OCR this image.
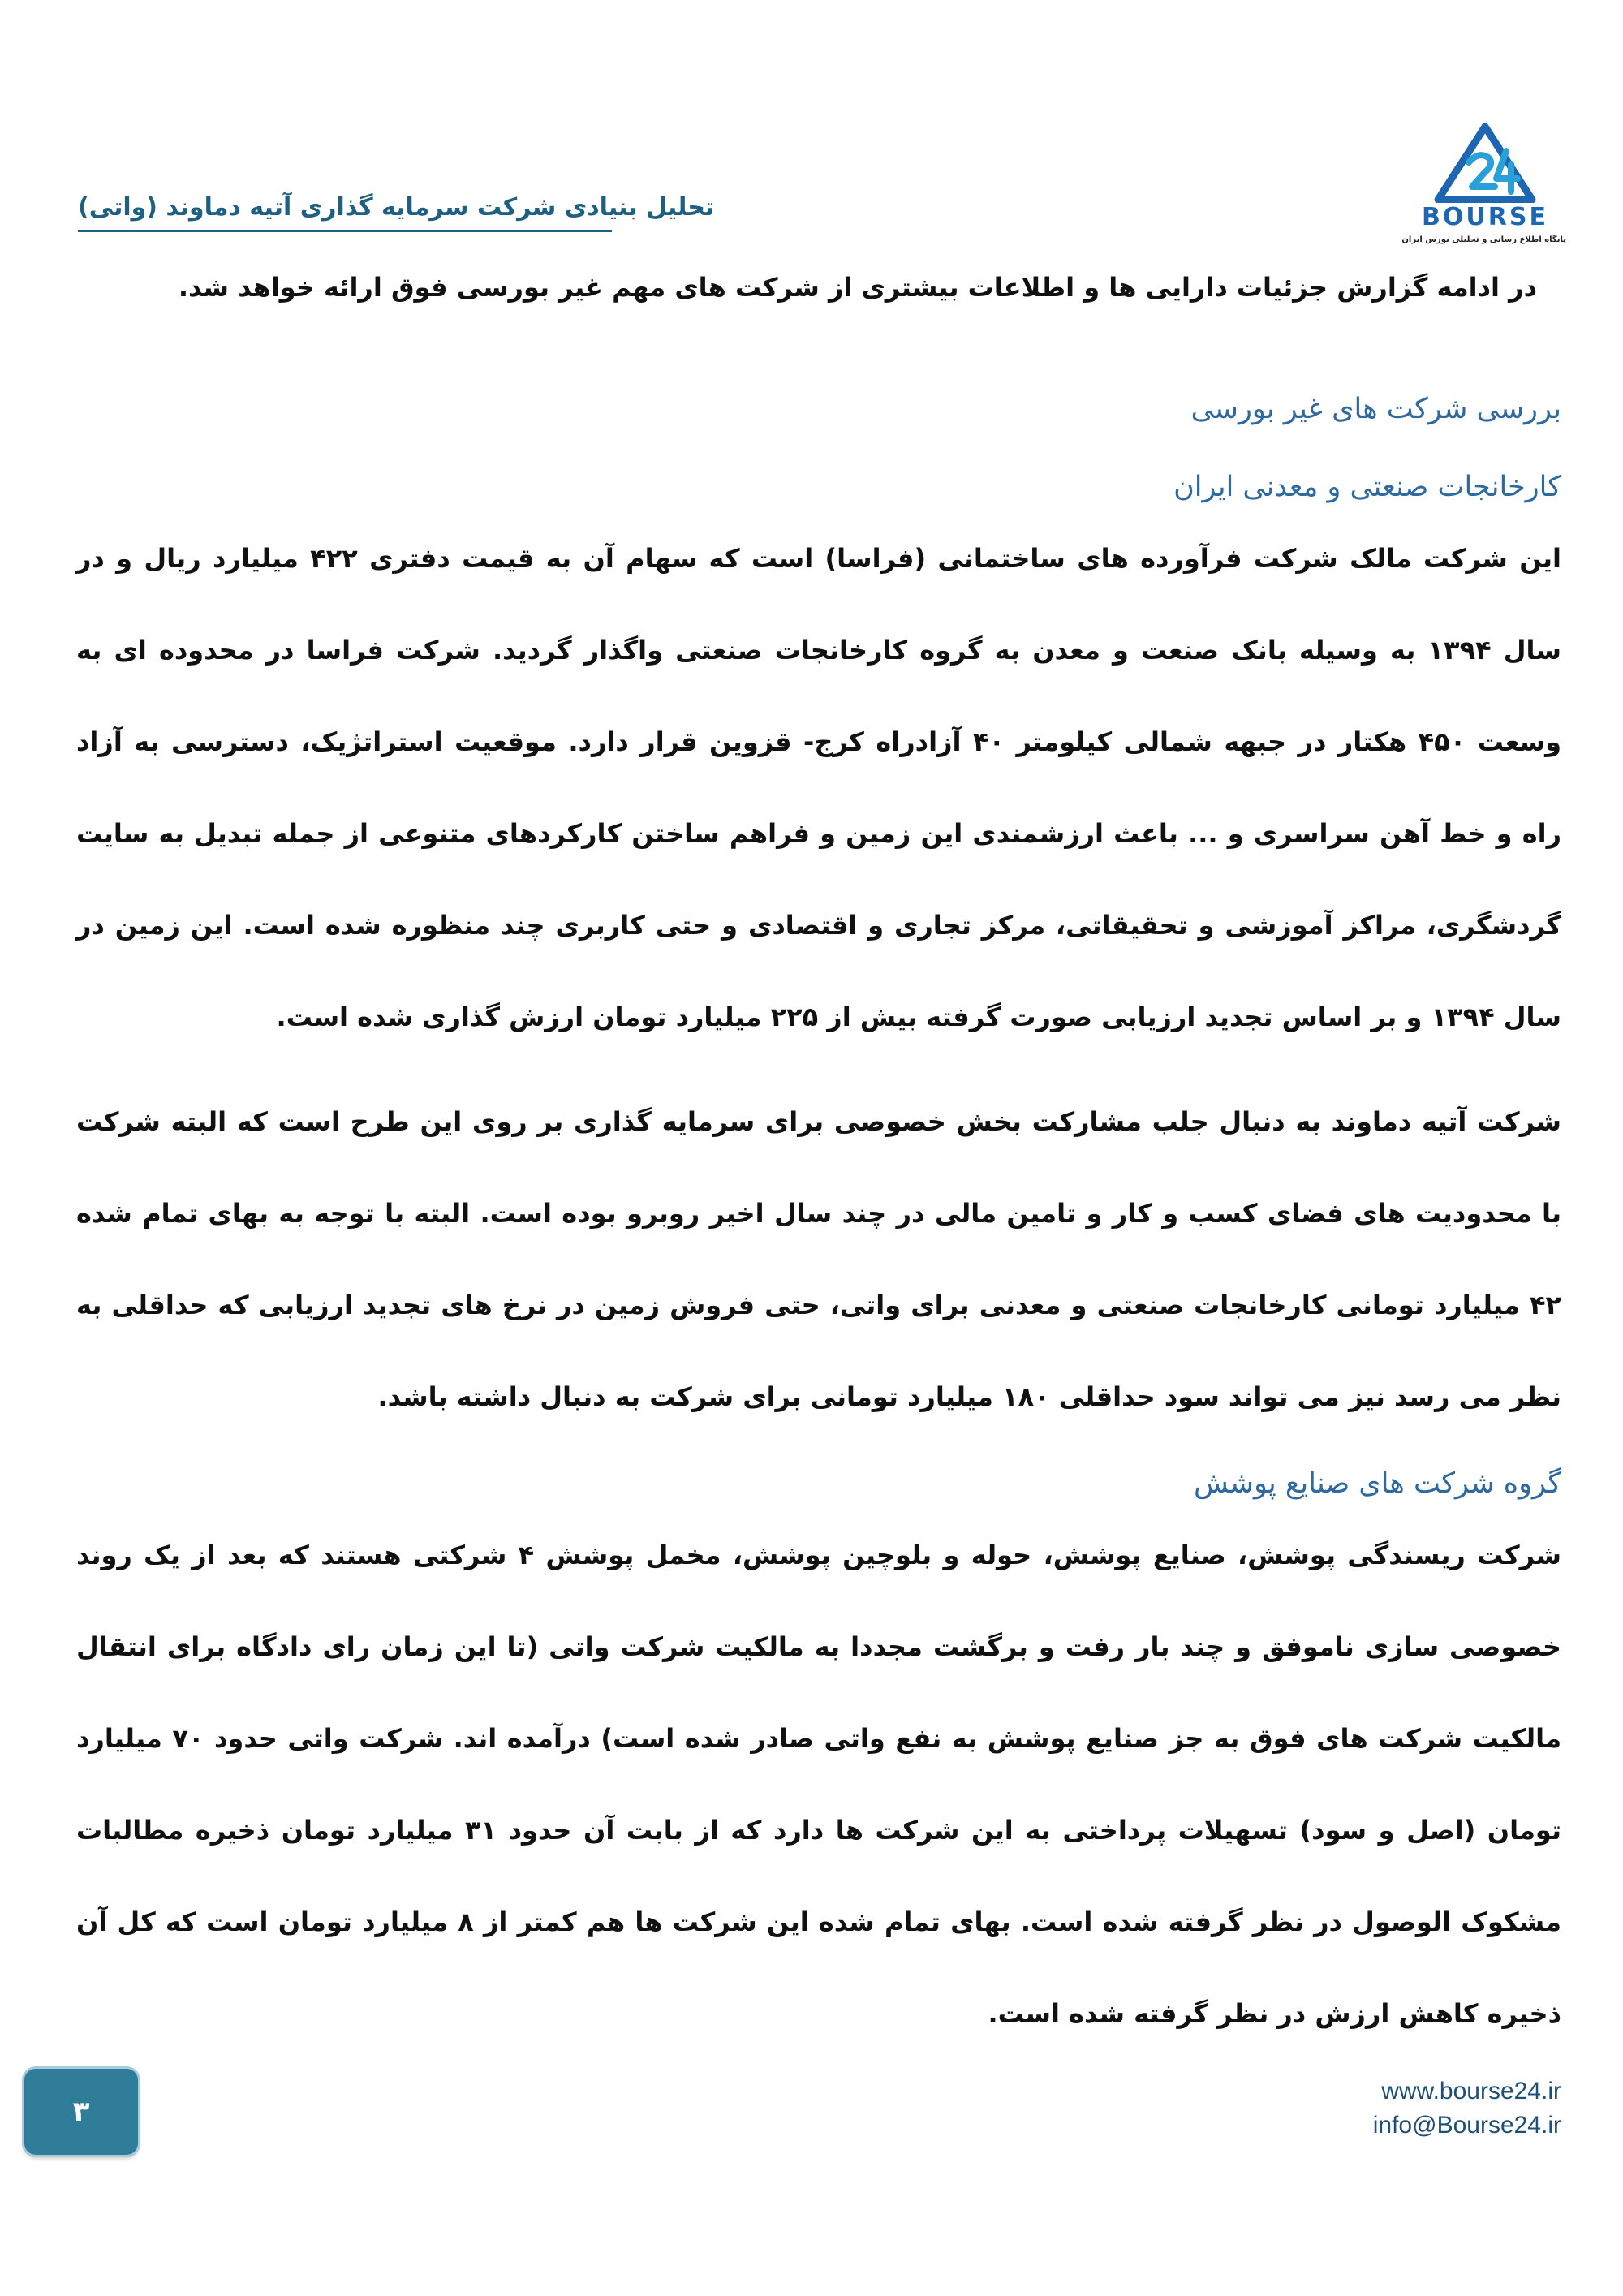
BOURSE
پایگاه اطلاع رسانی و تحلیلی بورس ایران
تحلیل بنیادی شرکت سرمایه گذاری آتیه دماوند (واتی)

در ادامه گزارش جزئیات دارایی ها و اطلاعات بیشتری از شرکت های مهم غیر بورسی فوق ارائه خواهد شد.

بررسی شرکت های غیر بورسی
کارخانجات صنعتی و معدنی ایران

این شرکت مالک شرکت فرآورده های ساختمانی (فراسا) است که سهام آن به قیمت دفتری ۴۲۲ میلیارد ریال و در سال ۱۳۹۴ به وسیله بانک صنعت و معدن به گروه کارخانجات صنعتی واگذار گردید. شرکت فراسا در محدوده ای به وسعت ۴۵۰ هکتار در جبهه شمالی کیلومتر ۴۰ آزادراه کرج- قزوین قرار دارد. موقعیت استراتژیک، دسترسی به آزاد راه و خط آهن سراسری و ... باعث ارزشمندی این زمین و فراهم ساختن کارکردهای متنوعی از جمله تبدیل به سایت گردشگری، مراکز آموزشی و تحقیقاتی، مرکز تجاری و اقتصادی و حتی کاربری چند منظوره شده است. این زمین در سال ۱۳۹۴ و بر اساس تجدید ارزیابی صورت گرفته بیش از ۲۲۵ میلیارد تومان ارزش گذاری شده است.

شرکت آتیه دماوند به دنبال جلب مشارکت بخش خصوصی برای سرمایه گذاری بر روی این طرح است که البته شرکت با محدودیت های فضای کسب و کار و تامین مالی در چند سال اخیر روبرو بوده است. البته با توجه به بهای تمام شده ۴۲ میلیارد تومانی کارخانجات صنعتی و معدنی برای واتی، حتی فروش زمین در نرخ های تجدید ارزیابی که حداقلی به نظر می رسد نیز می تواند سود حداقلی ۱۸۰ میلیارد تومانی برای شرکت به دنبال داشته باشد.

گروه شرکت های صنایع پوشش

شرکت ریسندگی پوشش، صنایع پوشش، حوله و بلوچین پوشش، مخمل پوشش ۴ شرکتی هستند که بعد از یک روند خصوصی سازی ناموفق و چند بار رفت و برگشت مجددا به مالکیت شرکت واتی (تا این زمان رای دادگاه برای انتقال مالکیت شرکت های فوق به جز صنایع پوشش به نفع واتی صادر شده است) درآمده اند. شرکت واتی حدود ۷۰ میلیارد تومان (اصل و سود) تسهیلات پرداختی به این شرکت ها دارد که از بابت آن حدود ۳۱ میلیارد تومان ذخیره مطالبات مشکوک الوصول در نظر گرفته شده است. بهای تمام شده این شرکت ها هم کمتر از ۸ میلیارد تومان است که کل آن ذخیره کاهش ارزش در نظر گرفته شده است.

۳
www.bourse24.ir
info@Bourse24.ir
